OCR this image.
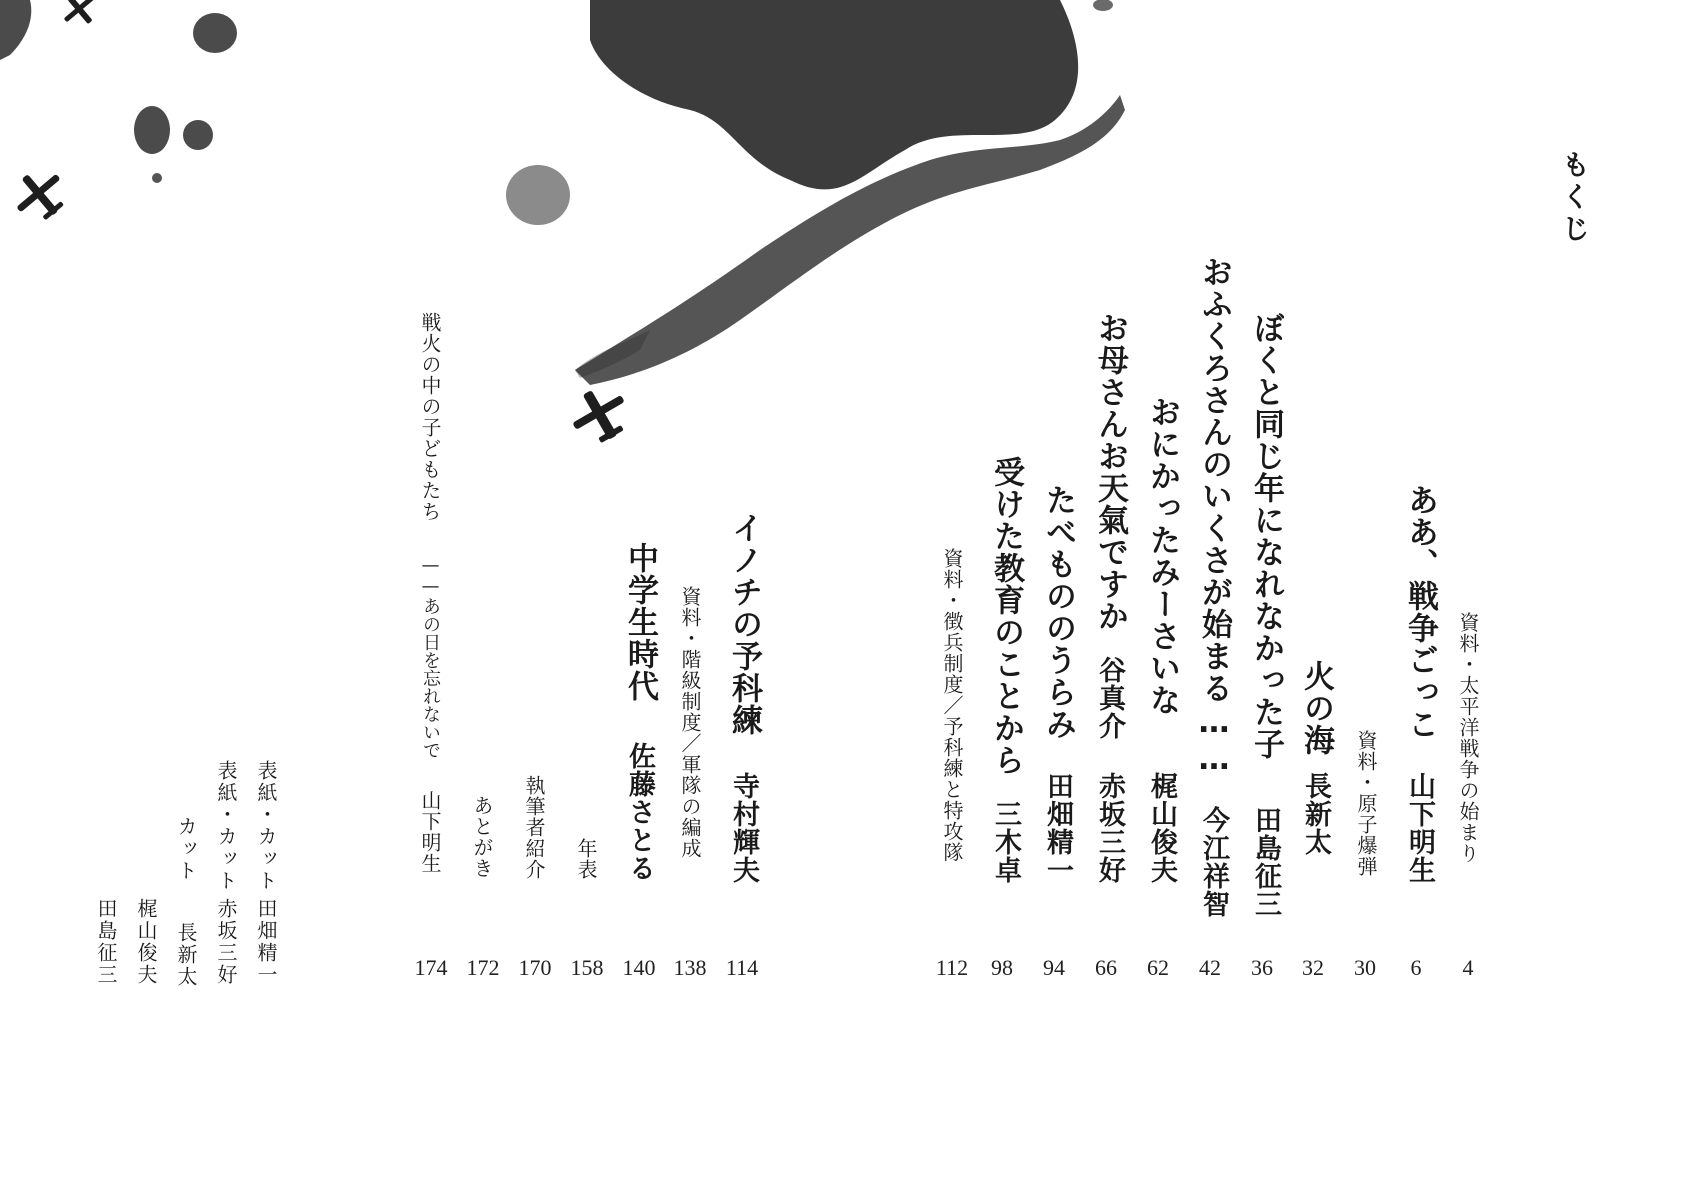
もくじ
資料・太平洋戦争の始まり
ああ、戦争ごっこ
山下明生
資料・原子爆弾
火の海
長新太
ぼくと同じ年になれなかった子
田島征三
おふくろさんのいくさが始まる……
今江祥智
おにかったみーさいな
梶山俊夫
お母さんお天氣ですか
谷真介
赤坂三好
たべもののうらみ
田畑精一
受けた教育のことから
三木卓
資料・徴兵制度／予科練と特攻隊
イノチの予科練
寺村輝夫
資料・階級制度／軍隊の編成
中学生時代
佐藤さとる
年表
執筆者紹介
あとがき
戦火の中の子どもたち
——あの日を忘れないで
山下明生
4
6
30
32
36
42
62
66
94
98
112
114
138
140
158
170
172
174
表紙・カット
田畑精一
表紙・カット
赤坂三好
カット
長新太
梶山俊夫
田島征三
